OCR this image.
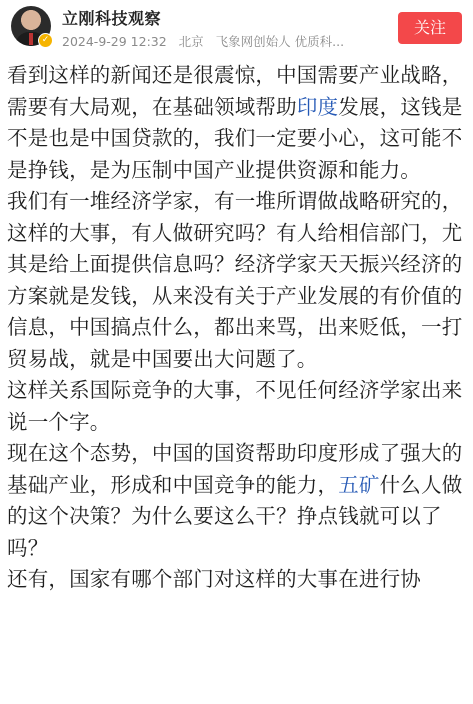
✓
立刚科技观察
2024-9-29 12:32 北京 飞象网创始人 优质科...
关注

看到这样的新闻还是很震惊，中国需要产业战略，需要有大局观，在基础领域帮助印度发展，这钱是不是也是中国贷款的，我们一定要小心，这可能不是挣钱，是为压制中国产业提供资源和能力。

我们有一堆经济学家，有一堆所谓做战略研究的，这样的大事，有人做研究吗？有人给相信部门，尤其是给上面提供信息吗？经济学家天天振兴经济的方案就是发钱，从来没有关于产业发展的有价值的信息，中国搞点什么，都出来骂，出来贬低，一打贸易战，就是中国要出大问题了。

这样关系国际竞争的大事，不见任何经济学家出来说一个字。

现在这个态势，中国的国资帮助印度形成了强大的基础产业，形成和中国竞争的能力，五矿什么人做的这个决策？为什么要这么干？挣点钱就可以了吗？

还有，国家有哪个部门对这样的大事在进行协
